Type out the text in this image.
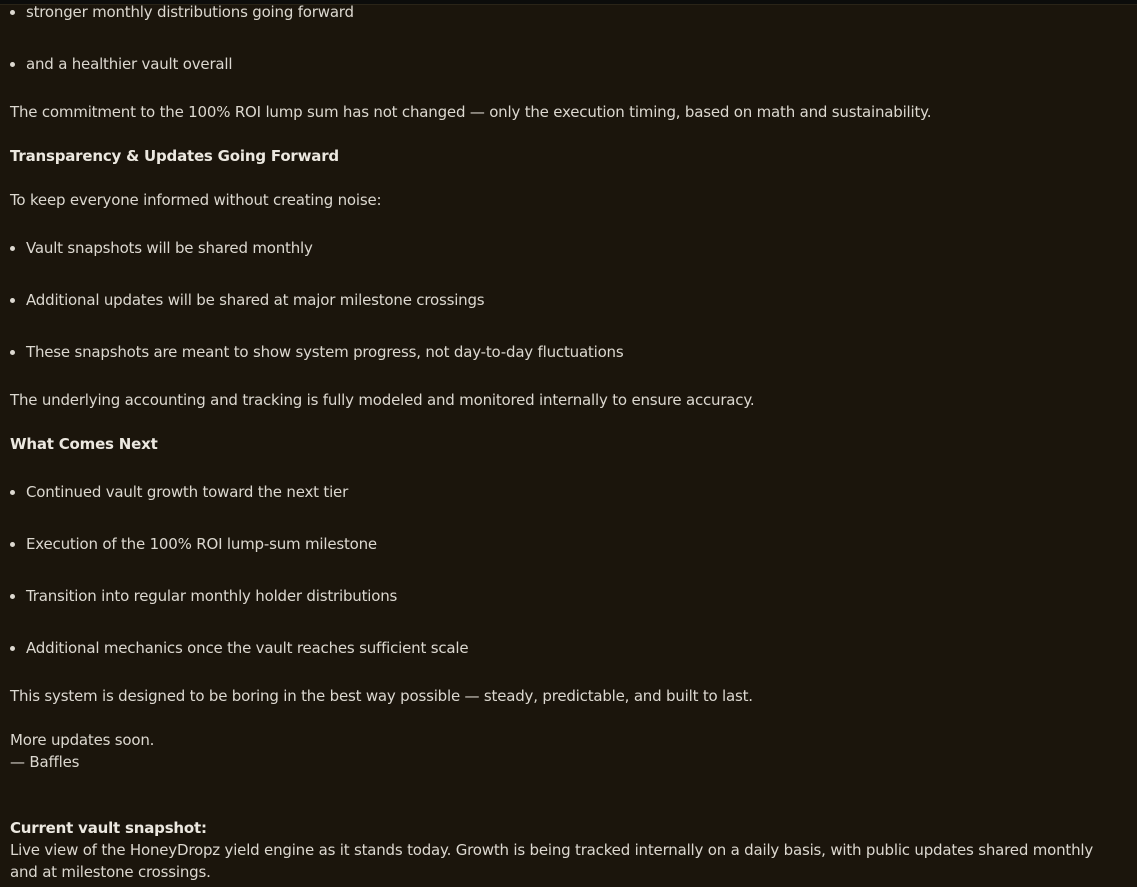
stronger monthly distributions going forward
and a healthier vault overall
The commitment to the 100% ROI lump sum has not changed — only the execution timing, based on math and sustainability.
Transparency & Updates Going Forward
To keep everyone informed without creating noise:
Vault snapshots will be shared monthly
Additional updates will be shared at major milestone crossings
These snapshots are meant to show system progress, not day-to-day fluctuations
The underlying accounting and tracking is fully modeled and monitored internally to ensure accuracy.
What Comes Next
Continued vault growth toward the next tier
Execution of the 100% ROI lump-sum milestone
Transition into regular monthly holder distributions
Additional mechanics once the vault reaches sufficient scale
This system is designed to be boring in the best way possible — steady, predictable, and built to last.
More updates soon.
— Baffles
Current vault snapshot:
Live view of the HoneyDropz yield engine as it stands today. Growth is being tracked internally on a daily basis, with public updates shared monthly and at milestone crossings.
